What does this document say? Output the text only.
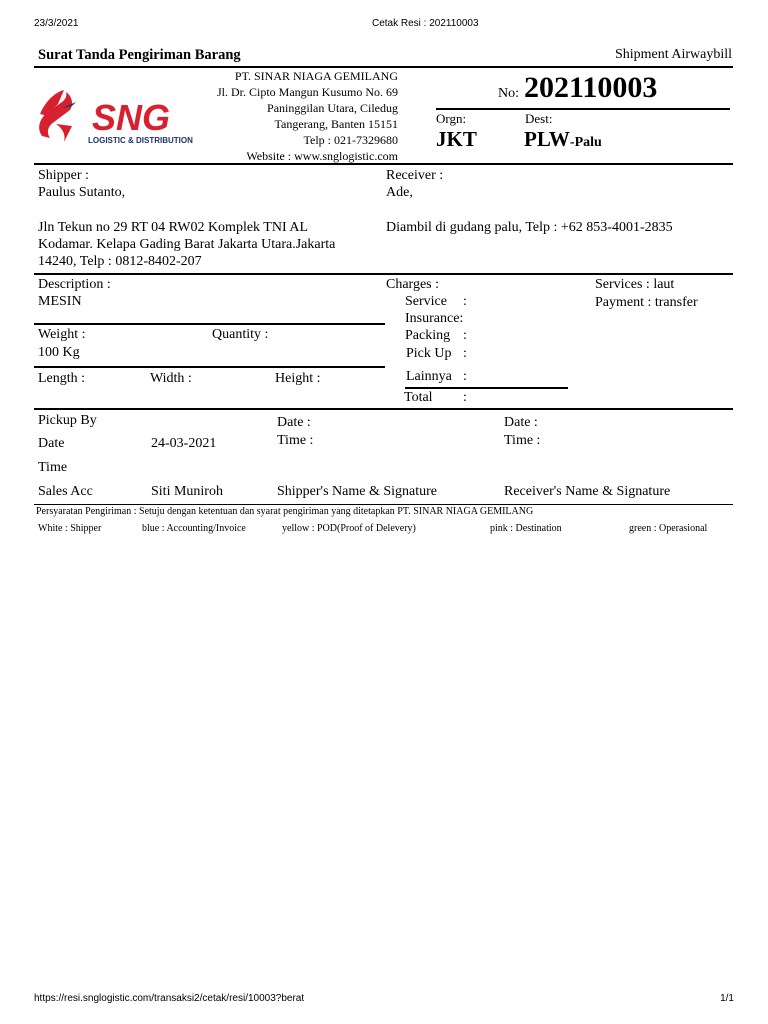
23/3/2021	Cetak Resi : 202110003
Surat Tanda Pengiriman Barang	Shipment Airwaybill
SNG
LOGISTIC & DISTRIBUTION
PT. SINAR NIAGA GEMILANG
Jl. Dr. Cipto Mangun Kusumo No. 69
Paninggilan Utara, Ciledug
Tangerang, Banten 15151
Telp : 021-7329680
Website : www.snglogistic.com
No: 202110003
Orgn:	Dest:
JKT PLW-Palu
Shipper :
Paulus Sutanto,
Jln Tekun no 29 RT 04 RW02 Komplek TNI AL
Kodamar. Kelapa Gading Barat Jakarta Utara.Jakarta
14240, Telp : 0812-8402-207
Receiver :
Ade,
Diambil di gudang palu, Telp : +62 853-4001-2835
Description :
MESIN
Weight :	Quantity :
100 Kg
Length :	Width :	Height :
Charges :
Service :
Insurance:
Packing :
Pick Up :
Lainnya :
Total :
Services : laut
Payment : transfer
Pickup By
Date	24-03-2021
Time
Sales Acc	Siti Muniroh
Date :
Time :
Shipper's Name & Signature
Date :
Time :
Receiver's Name & Signature
Persyaratan Pengiriman : Setuju dengan ketentuan dan syarat pengiriman yang ditetapkan PT. SINAR NIAGA GEMILANG
White : Shipper	blue : Accounting/Invoice	yellow : POD(Proof of Delevery)	pink : Destination	green : Operasional
https://resi.snglogistic.com/transaksi2/cetak/resi/10003?berat	1/1
